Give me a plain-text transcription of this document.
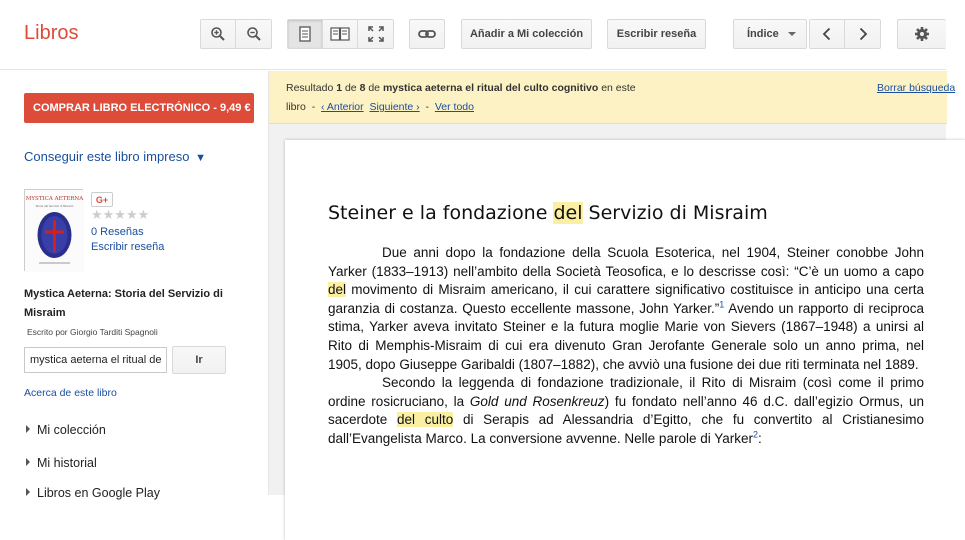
Libros	Añadir a Mi colección	Escribir reseña	Índice
COMPRAR LIBRO ELECTRÓNICO - 9,49 €
Conseguir este libro impreso ▼
MYSTICA AETERNA
Storia del Servizio di Misraim
G+
★★★★★
0 Reseñas
Escribir reseña
Mystica Aeterna: Storia del Servizio di Misraim
Escrito por Giorgio Tarditi Spagnoli
mystica aeterna el ritual del
Ir
Acerca de este libro
Mi colección
Mi historial
Libros en Google Play
Resultado 1 de 8 de mystica aeterna el ritual del culto cognitivo en este
libro - ‹ Anterior Siguiente › - Ver todo
Borrar búsqueda
Steiner e la fondazione del Servizio di Misraim

Due anni dopo la fondazione della Scuola Esoterica, nel 1904, Steiner conobbe John Yarker (1833–1913) nell’ambito della Società Teosofica, e lo descrisse così: “C’è un uomo a capo del movimento di Misraim americano, il cui carattere significativo costituisce in anticipo una certa garanzia di costanza. Questo eccellente massone, John Yarker.”$^1$ Avendo un rapporto di reciproca stima, Yarker aveva invitato Steiner e la futura moglie Marie von Sievers (1867–1948) a unirsi al Rito di Memphis-Misraim di cui era divenuto Gran Jerofante Generale solo un anno prima, nel 1905, dopo Giuseppe Garibaldi (1807–1882), che avviò una fusione dei due riti terminata nel 1889.

Secondo la leggenda di fondazione tradizionale, il Rito di Misraim (così come il primo ordine rosicruciano, la Gold und Rosenkreuz) fu fondato nell’anno 46 d.C. dall’egizio Ormus, un sacerdote del culto di Serapis ad Alessandria d’Egitto, che fu convertito al Cristianesimo dall’Evangelista Marco. La conversione avvenne. Nelle parole di Yarker$^2$:
